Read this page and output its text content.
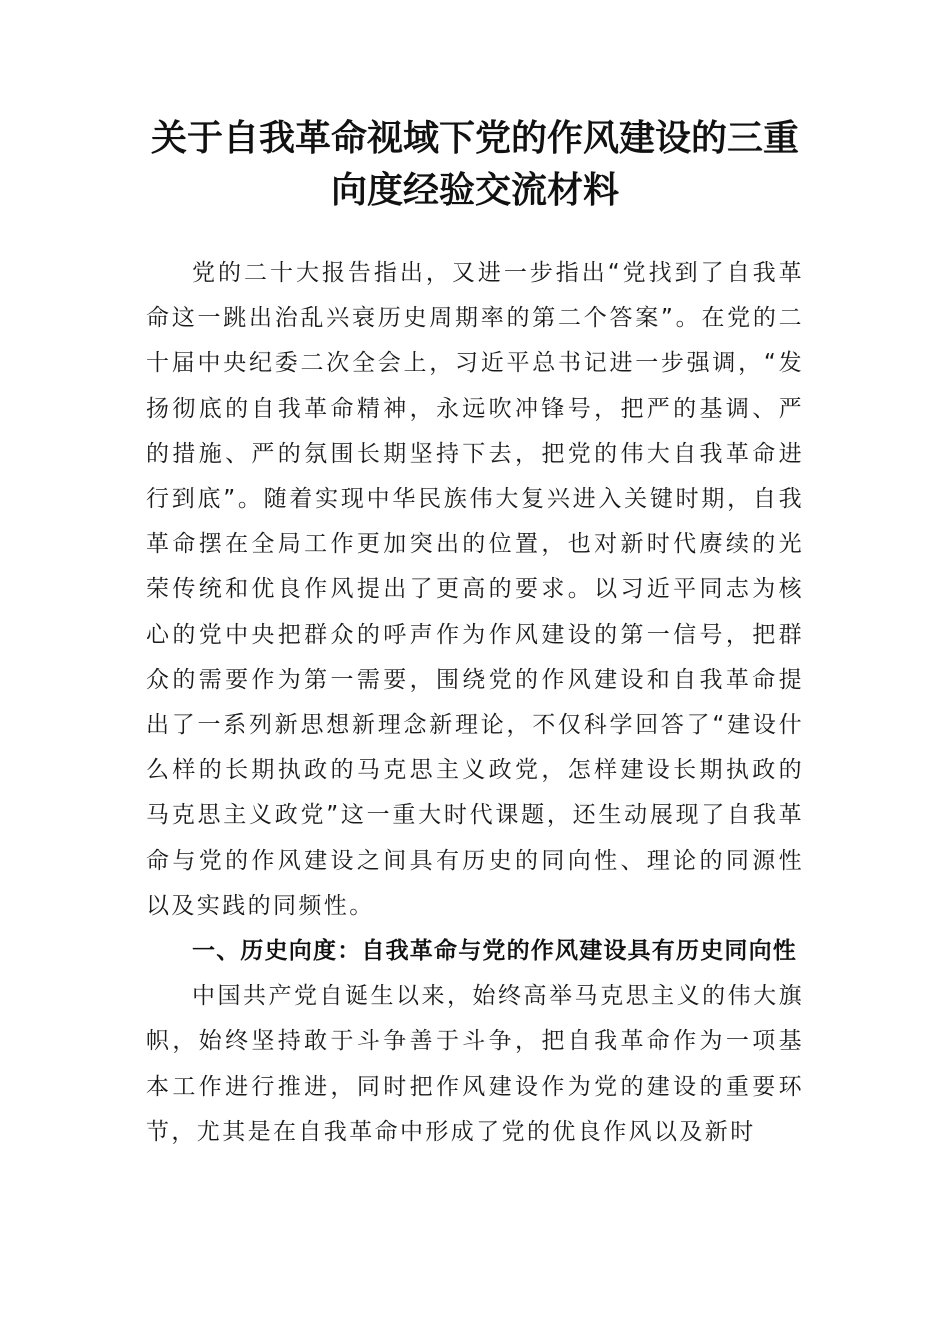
关于自我革命视域下党的作风建设的三重向度经验交流材料

党的二十大报告指出，又进一步指出“党找到了自我革命这一跳出治乱兴衰历史周期率的第二个答案”。在党的二十届中央纪委二次全会上，习近平总书记进一步强调，“发扬彻底的自我革命精神，永远吹冲锋号，把严的基调、严的措施、严的氛围长期坚持下去，把党的伟大自我革命进行到底”。随着实现中华民族伟大复兴进入关键时期，自我革命摆在全局工作更加突出的位置，也对新时代赓续的光荣传统和优良作风提出了更高的要求。以习近平同志为核心的党中央把群众的呼声作为作风建设的第一信号，把群众的需要作为第一需要，围绕党的作风建设和自我革命提出了一系列新思想新理念新理论，不仅科学回答了“建设什么样的长期执政的马克思主义政党，怎样建设长期执政的马克思主义政党”这一重大时代课题，还生动展现了自我革命与党的作风建设之间具有历史的同向性、理论的同源性以及实践的同频性。

一、历史向度：自我革命与党的作风建设具有历史同向性

中国共产党自诞生以来，始终高举马克思主义的伟大旗帜，始终坚持敢于斗争善于斗争，把自我革命作为一项基本工作进行推进，同时把作风建设作为党的建设的重要环节，尤其是在自我革命中形成了党的优良作风以及新时
